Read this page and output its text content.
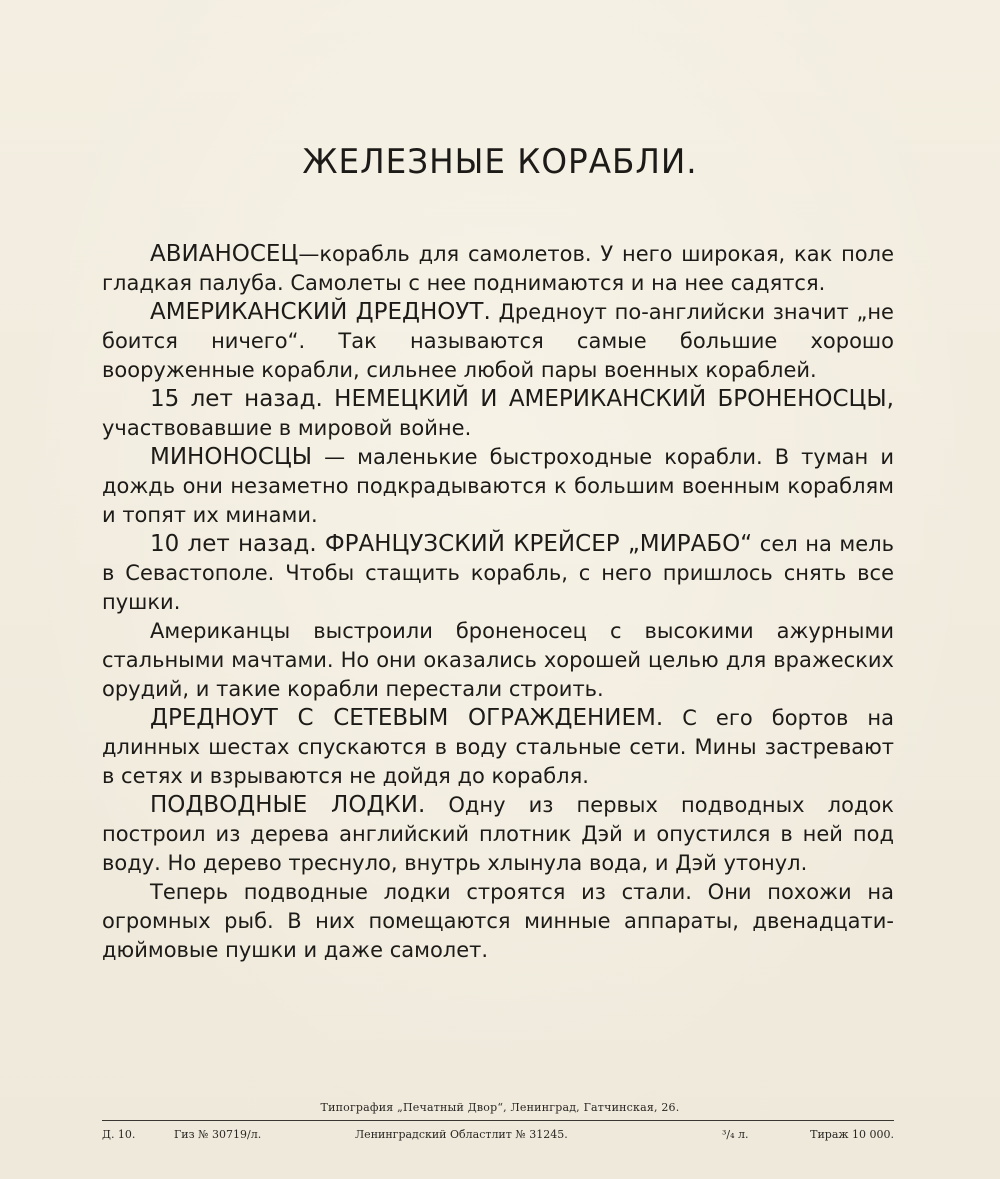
ЖЕЛЕЗНЫЕ КОРАБЛИ.

АВИАНОСЕЦ—корабль для самолетов. У него широкая, как поле гладкая палуба. Самолеты с нее поднимаются и на нее садятся.

АМЕРИКАНСКИЙ ДРЕДНОУТ. Дредноут по-английски значит „не боится ничего“. Так называются самые большие хорошо вооруженные корабли, сильнее любой пары военных кораблей.

15 лет назад. НЕМЕЦКИЙ И АМЕРИКАНСКИЙ БРОНЕНОСЦЫ, участвовавшие в мировой войне.

МИНОНОСЦЫ — маленькие быстроходные корабли. В туман и дождь они незаметно подкрадываются к большим военным кораблям и топят их минами.

10 лет назад. ФРАНЦУЗСКИЙ КРЕЙСЕР „МИРАБО“ сел на мель в Севастополе. Чтобы стащить корабль, с него пришлось снять все пушки.

Американцы выстроили броненосец с высокими ажурными стальными мачтами. Но они оказались хорошей целью для вражеских орудий, и такие корабли перестали строить.

ДРЕДНОУТ С СЕТЕВЫМ ОГРАЖДЕНИЕМ. С его бортов на длинных шестах спускаются в воду стальные сети. Мины застревают в сетях и взрываются не дойдя до корабля.

ПОДВОДНЫЕ ЛОДКИ. Одну из первых подводных лодок построил из дерева английский плотник Дэй и опустился в ней под воду. Но дерево треснуло, внутрь хлынула вода, и Дэй утонул.

Теперь подводные лодки строятся из стали. Они похожи на огромных рыб. В них помещаются минные аппараты, двенадцати-дюймовые пушки и даже самолет.

Типография „Печатный Двор“, Ленинград, Гатчинская, 26.
Д. 10.	Гиз № 30719/л.	Ленинградский Областлит № 31245.	³/₄ л.	Тираж 10 000.
